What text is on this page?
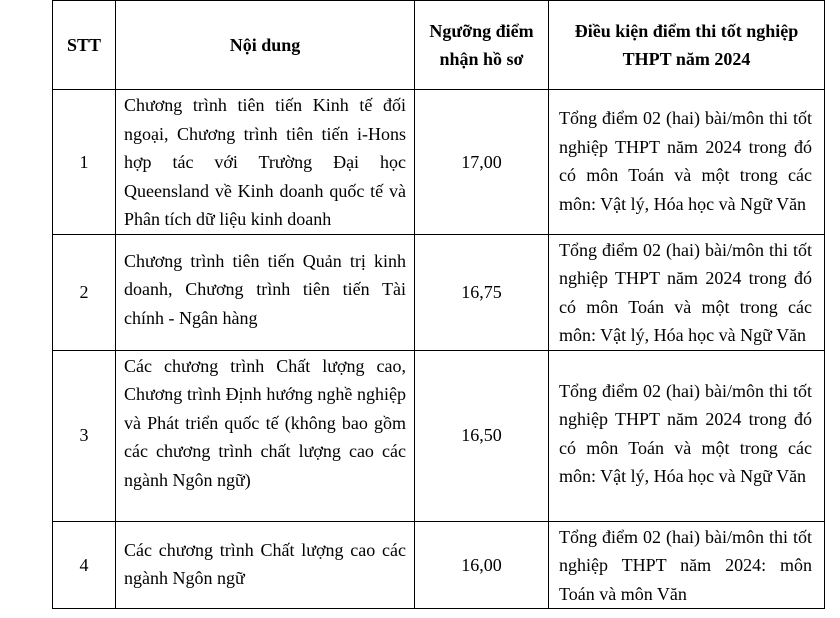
STT	Nội dung	Ngưỡng điểm nhận hồ sơ	Điều kiện điểm thi tốt nghiệp THPT năm 2024
1	Chương trình tiên tiến Kinh tế đối ngoại, Chương trình tiên tiến i-Hons hợp tác với Trường Đại học Queensland về Kinh doanh quốc tế và Phân tích dữ liệu kinh doanh	17,00	Tổng điểm 02 (hai) bài/môn thi tốt nghiệp THPT năm 2024 trong đó có môn Toán và một trong các môn: Vật lý, Hóa học và Ngữ Văn
2	Chương trình tiên tiến Quản trị kinh doanh, Chương trình tiên tiến Tài chính - Ngân hàng	16,75	Tổng điểm 02 (hai) bài/môn thi tốt nghiệp THPT năm 2024 trong đó có môn Toán và một trong các môn: Vật lý, Hóa học và Ngữ Văn
3	Các chương trình Chất lượng cao, Chương trình Định hướng nghề nghiệp và Phát triển quốc tế (không bao gồm các chương trình chất lượng cao các ngành Ngôn ngữ)	16,50	Tổng điểm 02 (hai) bài/môn thi tốt nghiệp THPT năm 2024 trong đó có môn Toán và một trong các môn: Vật lý, Hóa học và Ngữ Văn
4	Các chương trình Chất lượng cao các ngành Ngôn ngữ	16,00	Tổng điểm 02 (hai) bài/môn thi tốt nghiệp THPT năm 2024: môn Toán và môn Văn
